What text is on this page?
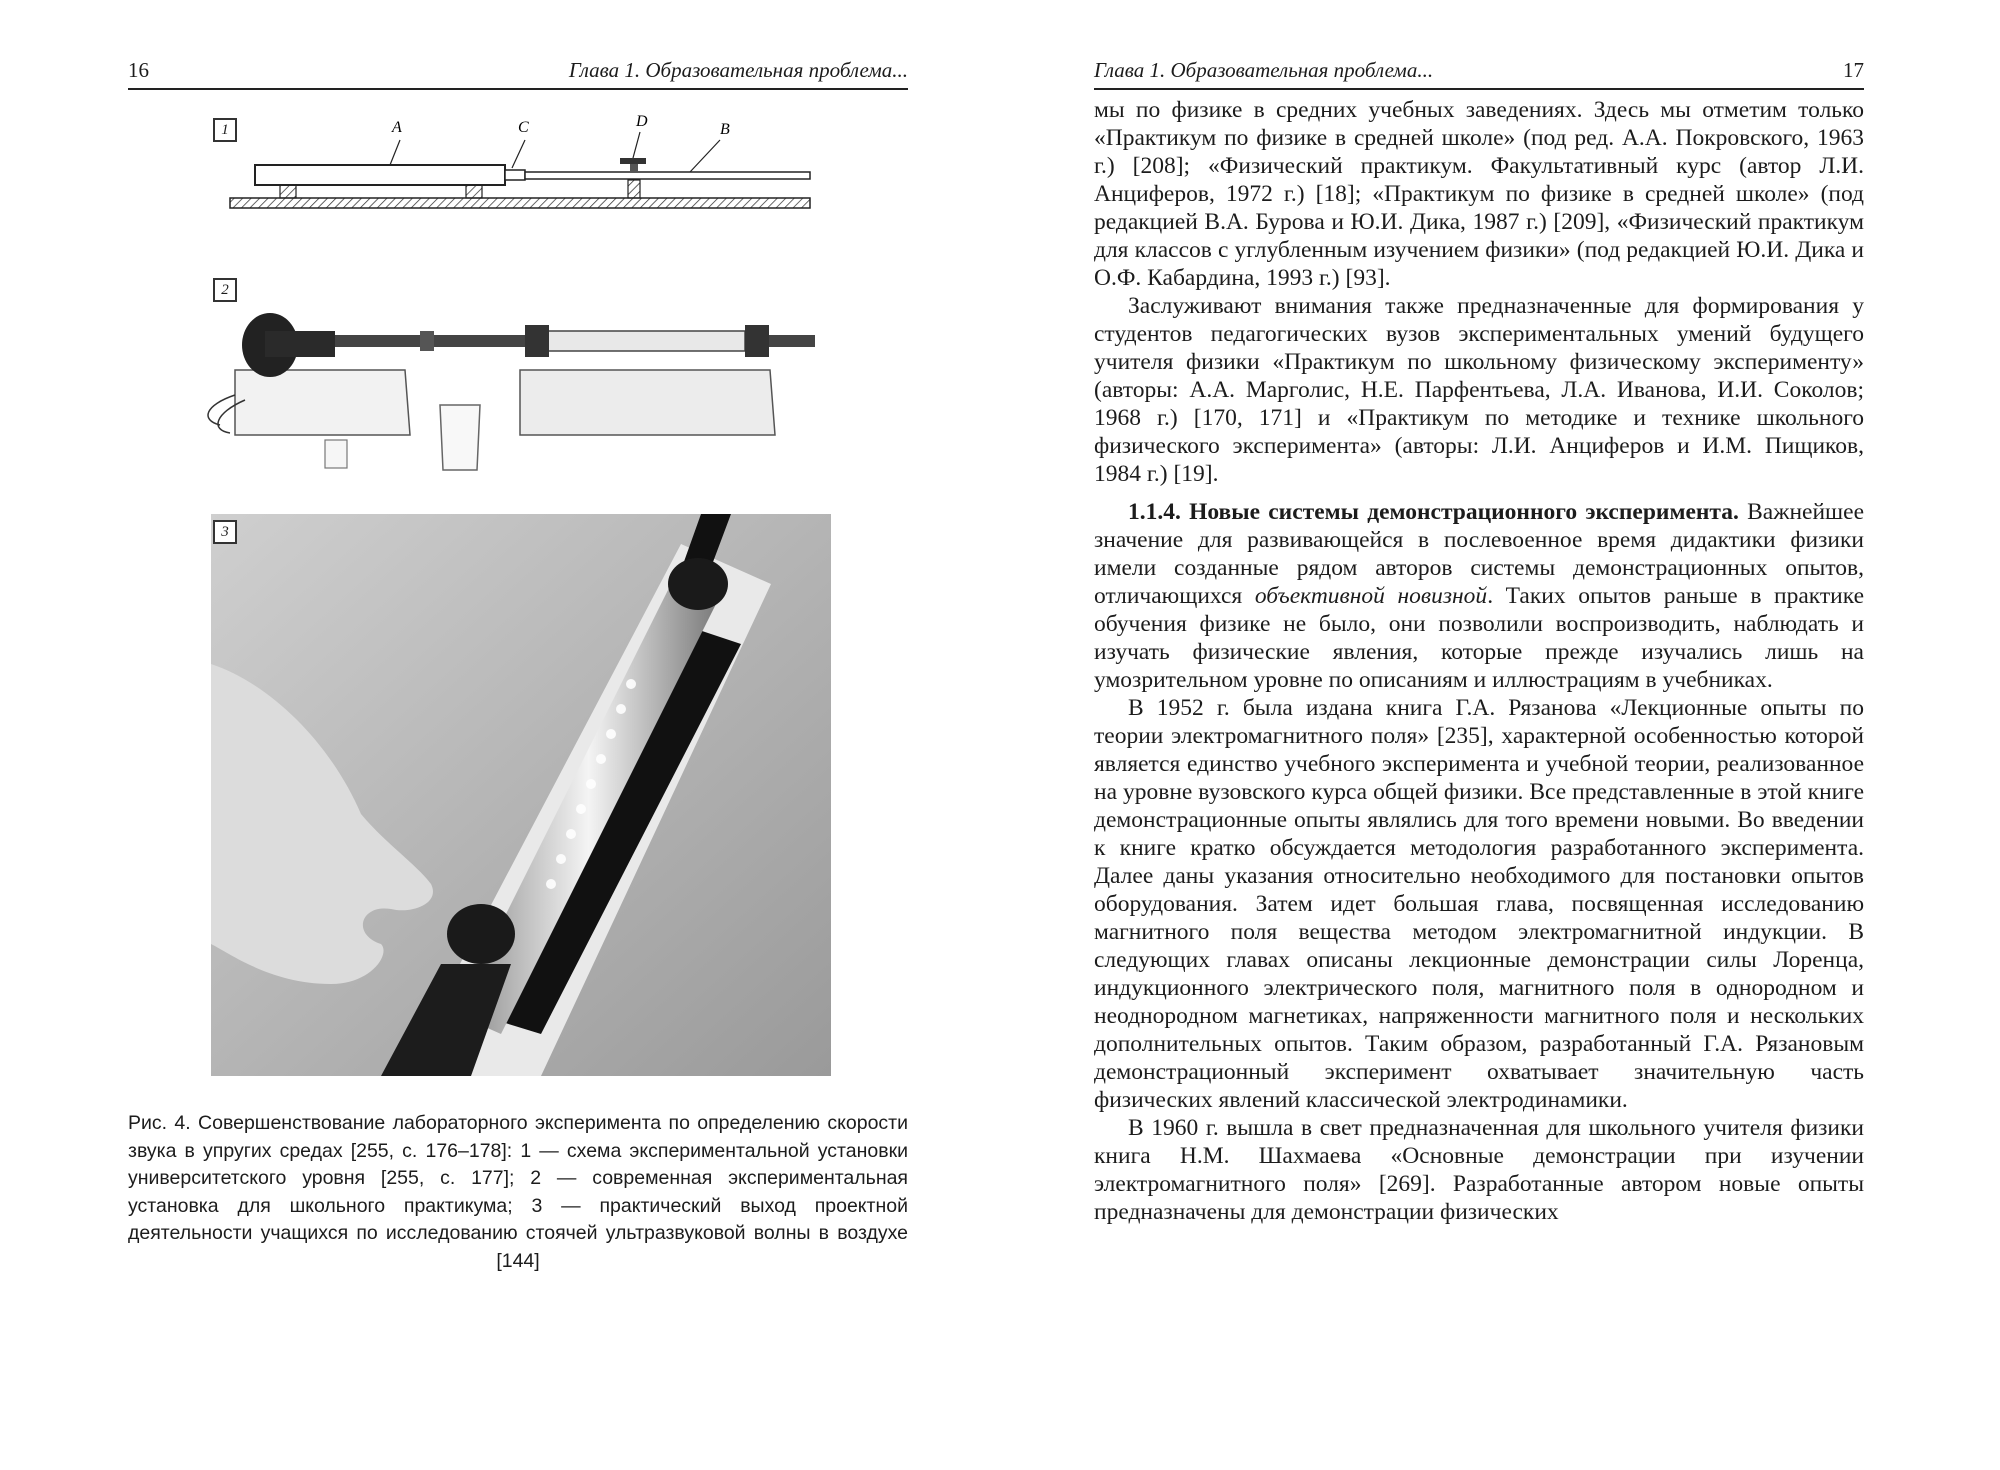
16	Глава 1. Образовательная проблема...
1	A	C	D	B
2
3
Рис. 4. Совершенствование лабораторного эксперимента по определению скорости звука в упругих средах [255, с. 176–178]: 1 — схема экспериментальной установки университетского уровня [255, с. 177]; 2 — современная экспериментальная установка для школьного практикума; 3 — практический выход проектной деятельности учащихся по исследованию стоячей ультразвуковой волны в воздухе [144]
Глава 1. Образовательная проблема...	17

мы по физике в средних учебных заведениях. Здесь мы отметим только «Практикум по физике в средней школе» (под ред. А.А. Покровского, 1963 г.) [208]; «Физический практикум. Факультативный курс (автор Л.И. Анциферов, 1972 г.) [18]; «Практикум по физике в средней школе» (под редакцией В.А. Бурова и Ю.И. Дика, 1987 г.) [209], «Физический практикум для классов с углубленным изучением физики» (под редакцией Ю.И. Дика и О.Ф. Кабардина, 1993 г.) [93].

Заслуживают внимания также предназначенные для формирования у студентов педагогических вузов экспериментальных умений будущего учителя физики «Практикум по школьному физическому эксперименту» (авторы: А.А. Марголис, Н.Е. Парфентьева, Л.А. Иванова, И.И. Соколов; 1968 г.) [170, 171] и «Практикум по методике и технике школьного физического эксперимента» (авторы: Л.И. Анциферов и И.М. Пищиков, 1984 г.) [19].

1.1.4. Новые системы демонстрационного эксперимента. Важнейшее значение для развивающейся в послевоенное время дидактики физики имели созданные рядом авторов системы демонстрационных опытов, отличающихся объективной новизной. Таких опытов раньше в практике обучения физике не было, они позволили воспроизводить, наблюдать и изучать физические явления, которые прежде изучались лишь на умозрительном уровне по описаниям и иллюстрациям в учебниках.

В 1952 г. была издана книга Г.А. Рязанова «Лекционные опыты по теории электромагнитного поля» [235], характерной особенностью которой является единство учебного эксперимента и учебной теории, реализованное на уровне вузовского курса общей физики. Все представленные в этой книге демонстрационные опыты являлись для того времени новыми. Во введении к книге кратко обсуждается методология разработанного эксперимента. Далее даны указания относительно необходимого для постановки опытов оборудования. Затем идет большая глава, посвященная исследованию магнитного поля вещества методом электромагнитной индукции. В следующих главах описаны лекционные демонстрации силы Лоренца, индукционного электрического поля, магнитного поля в однородном и неоднородном магнетиках, напряженности магнитного поля и нескольких дополнительных опытов. Таким образом, разработанный Г.А. Рязановым демонстрационный эксперимент охватывает значительную часть физических явлений классической электродинамики.

В 1960 г. вышла в свет предназначенная для школьного учителя физики книга Н.М. Шахмаева «Основные демонстрации при изучении электромагнитного поля» [269]. Разработанные автором новые опыты предназначены для демонстрации физических
